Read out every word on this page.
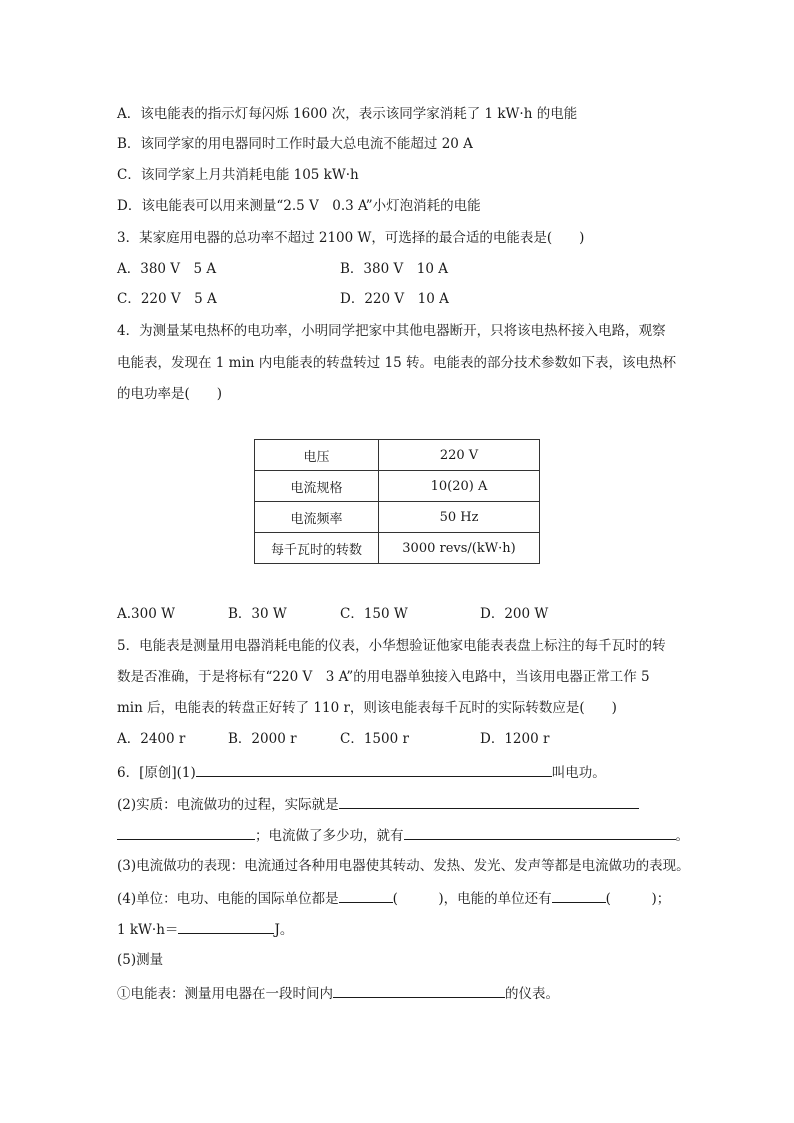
A．该电能表的指示灯每闪烁 1600 次，表示该同学家消耗了 1 kW·h 的电能
B．该同学家的用电器同时工作时最大总电流不能超过 20 A
C．该同学家上月共消耗电能 105 kW·h
D．该电能表可以用来测量“2.5 V　0.3 A”小灯泡消耗的电能
3．某家庭用电器的总功率不超过 2100 W，可选择的最合适的电能表是(　　)
A．380 V　5 A	B．380 V　10 A
C．220 V　5 A	D．220 V　10 A
4．为测量某电热杯的电功率，小明同学把家中其他电器断开，只将该电热杯接入电路，观察
电能表，发现在 1 min 内电能表的转盘转过 15 转。电能表的部分技术参数如下表，该电热杯
的电功率是(　　)
电压	220 V
电流规格	10(20) A
电流频率	50 Hz
每千瓦时的转数	3000 revs/(kW·h)
A.300 W	B．30 W	C．150 W	D．200 W
5．电能表是测量用电器消耗电能的仪表，小华想验证他家电能表表盘上标注的每千瓦时的转
数是否准确，于是将标有“220 V　3 A”的用电器单独接入电路中，当该用电器正常工作 5
min 后，电能表的转盘正好转了 110 r，则该电能表每千瓦时的实际转数应是(　　)
A．2400 r	B．2000 r	C．1500 r	D．1200 r
6．[原创](1)	叫电功。
(2)实质：电流做功的过程，实际就是
；电流做了多少功，就有	。
(3)电流做功的表现：电流通过各种用电器使其转动、发热、发光、发声等都是电流做功的表现。
(4)单位：电功、电能的国际单位都是	(　　　)，电能的单位还有	(　　　)；
1 kW·h＝	J。
(5)测量
①电能表：测量用电器在一段时间内	的仪表。
